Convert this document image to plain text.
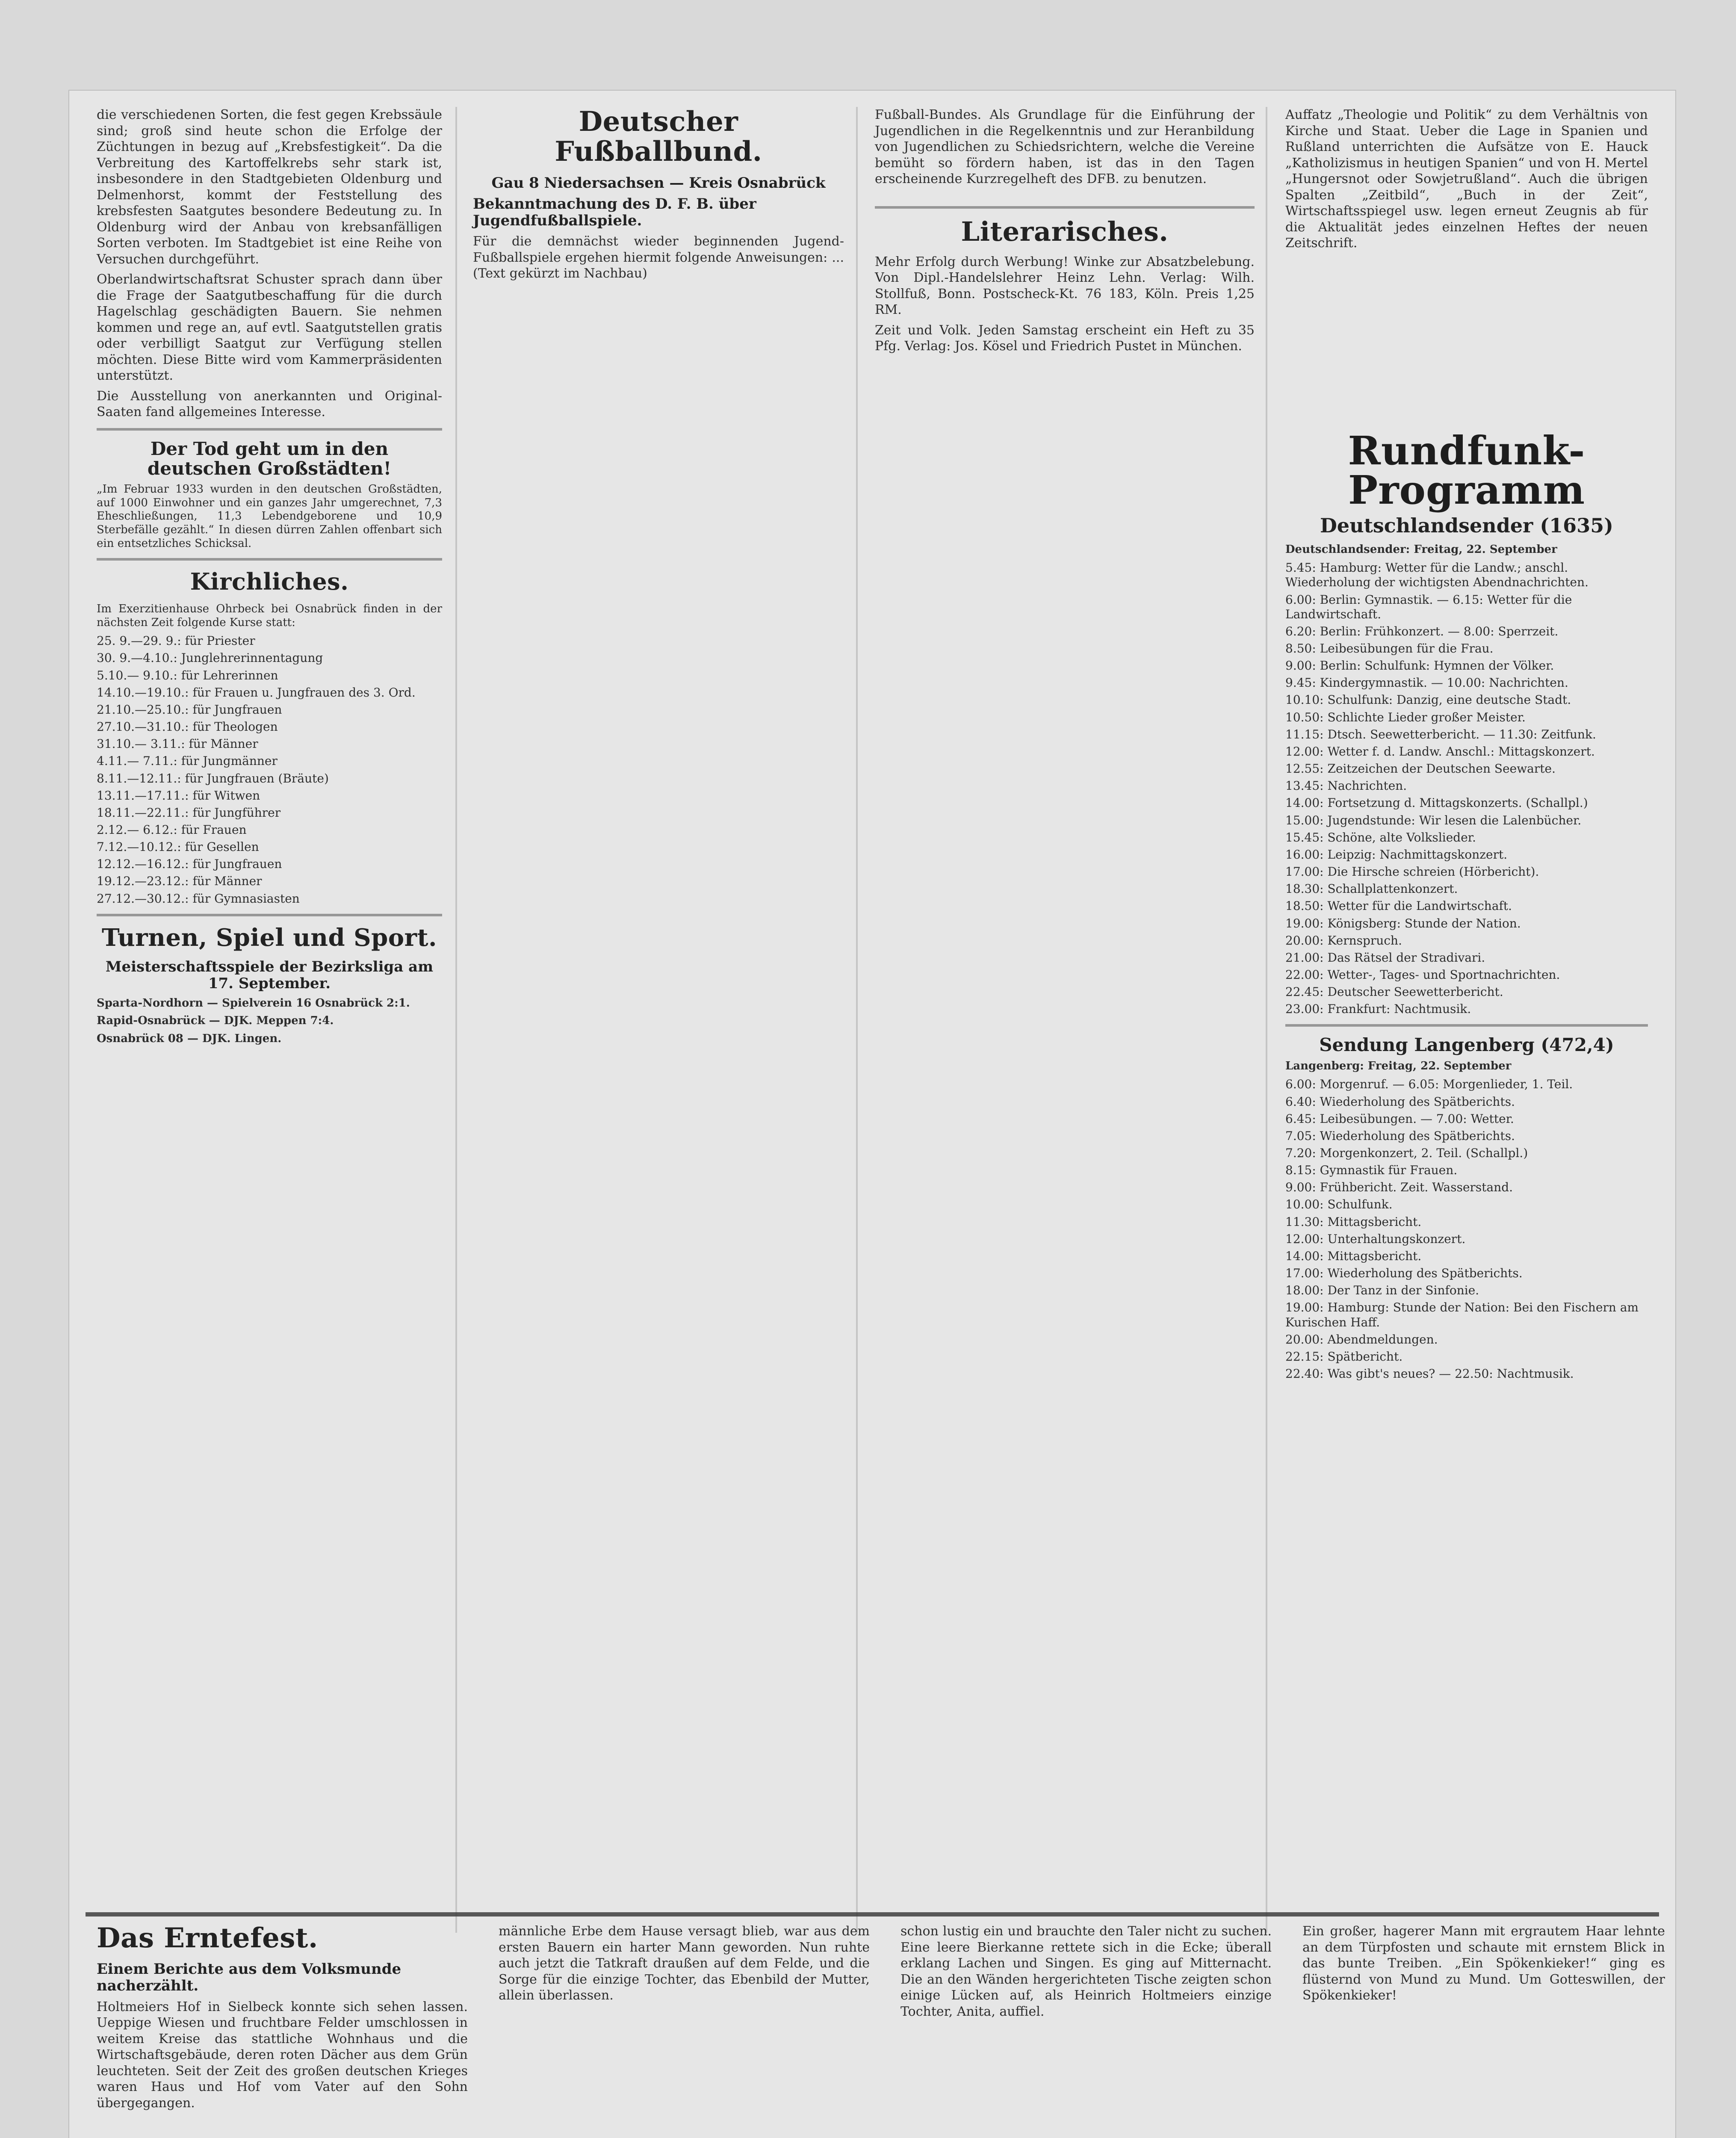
die verschiedenen Sorten, die fest gegen Krebssäule sind; groß sind heute schon die Erfolge der Züchtungen in bezug auf „Krebsfestigkeit“. Da die Verbreitung des Kartoffelkrebs sehr stark ist, insbesondere in den Stadtgebieten Oldenburg und Delmenhorst, kommt der Feststellung des krebsfesten Saatgutes besondere Bedeutung zu. In Oldenburg wird der Anbau von krebsanfälligen Sorten verboten. Im Stadtgebiet ist eine Reihe von Versuchen durchgeführt.
Oberlandwirtschaftsrat Schuster sprach dann über die Frage der Saatgutbeschaffung für die durch Hagelschlag geschädigten Bauern. Sie nehmen kommen und rege an, auf evtl. Saatgutstellen gratis oder verbilligt Saatgut zur Verfügung stellen möchten. Diese Bitte wird vom Kammerpräsidenten unterstützt.
Die Ausstellung von anerkannten und Original-Saaten fand allgemeines Interesse.
Der Tod geht um in den deutschen Großstädten!
„Im Februar 1933 wurden in den deutschen Großstädten, auf 1000 Einwohner und ein ganzes Jahr umgerechnet, 7,3 Eheschließungen, 11,3 Lebendgeborene und 10,9 Sterbefälle gezählt.“ In diesen dürren Zahlen offenbart sich ein entsetzliches Schicksal.
Kirchliches.
Im Exerzitienhause Ohrbeck bei Osnabrück finden in der nächsten Zeit folgende Kurse statt:
25. 9.—29. 9.: für Priester
30. 9.—4.10.: Junglehrerinnentagung
5.10.— 9.10.: für Lehrerinnen
14.10.—19.10.: für Frauen u. Jungfrauen des 3. Ord.
21.10.—25.10.: für Jungfrauen
27.10.—31.10.: für Theologen
31.10.— 3.11.: für Männer
4.11.— 7.11.: für Jungmänner
8.11.—12.11.: für Jungfrauen (Bräute)
13.11.—17.11.: für Witwen
18.11.—22.11.: für Jungführer
2.12.— 6.12.: für Frauen
7.12.—10.12.: für Gesellen
12.12.—16.12.: für Jungfrauen
19.12.—23.12.: für Männer
27.12.—30.12.: für Gymnasiasten
Turnen, Spiel und Sport.
Meisterschaftsspiele der Bezirksliga am 17. September.
Sparta-Nordhorn — Spielverein 16 Osnabrück 2:1.
Rapid-Osnabrück — DJK. Meppen 7:4.
Osnabrück 08 — DJK. Lingen.
Deutscher Fußballbund.
Gau 8 Niedersachsen — Kreis Osnabrück
Bekanntmachung des D. F. B. über Jugendfußballspiele.
Für die demnächst wieder beginnenden Jugend-Fußballspiele ergehen hiermit folgende Anweisungen: ... (Text gekürzt im Nachbau)
Fußball-Bundes. Als Grundlage für die Einführung der Jugendlichen in die Regelkenntnis und zur Heranbildung von Jugendlichen zu Schiedsrichtern, welche die Vereine bemüht so fördern haben, ist das in den Tagen erscheinende Kurzregelheft des DFB. zu benutzen.
Literarisches.
Mehr Erfolg durch Werbung! Winke zur Absatzbelebung. Von Dipl.-Handelslehrer Heinz Lehn. Verlag: Wilh. Stollfuß, Bonn. Postscheck-Kt. 76 183, Köln. Preis 1,25 RM.
Zeit und Volk. Jeden Samstag erscheint ein Heft zu 35 Pfg. Verlag: Jos. Kösel und Friedrich Pustet in München.
Auffatz „Theologie und Politik“ zu dem Verhältnis von Kirche und Staat. Ueber die Lage in Spanien und Rußland unterrichten die Aufsätze von E. Hauck „Katholizismus in heutigen Spanien“ und von H. Mertel „Hungersnot oder Sowjetrußland“. Auch die übrigen Spalten „Zeitbild“, „Buch in der Zeit“, Wirtschaftsspiegel usw. legen erneut Zeugnis ab für die Aktualität jedes einzelnen Heftes der neuen Zeitschrift.
Rundfunk-Programm
Deutschlandsender (1635)
Deutschlandsender: Freitag, 22. September
5.45: Hamburg: Wetter für die Landw.; anschl. Wiederholung der wichtigsten Abendnachrichten.
6.00: Berlin: Gymnastik. — 6.15: Wetter für die Landwirtschaft.
6.20: Berlin: Frühkonzert. — 8.00: Sperrzeit.
8.50: Leibesübungen für die Frau.
9.00: Berlin: Schulfunk: Hymnen der Völker.
9.45: Kindergymnastik. — 10.00: Nachrichten.
10.10: Schulfunk: Danzig, eine deutsche Stadt.
10.50: Schlichte Lieder großer Meister.
11.15: Dtsch. Seewetterbericht. — 11.30: Zeitfunk.
12.00: Wetter f. d. Landw. Anschl.: Mittagskonzert.
12.55: Zeitzeichen der Deutschen Seewarte.
13.45: Nachrichten.
14.00: Fortsetzung d. Mittagskonzerts. (Schallpl.)
15.00: Jugendstunde: Wir lesen die Lalenbücher.
15.45: Schöne, alte Volkslieder.
16.00: Leipzig: Nachmittagskonzert.
17.00: Die Hirsche schreien (Hörbericht).
18.30: Schallplattenkonzert.
18.50: Wetter für die Landwirtschaft.
19.00: Königsberg: Stunde der Nation.
20.00: Kernspruch.
21.00: Das Rätsel der Stradivari.
22.00: Wetter-, Tages- und Sportnachrichten.
22.45: Deutscher Seewetterbericht.
23.00: Frankfurt: Nachtmusik.
Sendung Langenberg (472,4)
Langenberg: Freitag, 22. September
6.00: Morgenruf. — 6.05: Morgenlieder, 1. Teil.
6.40: Wiederholung des Spätberichts.
6.45: Leibesübungen. — 7.00: Wetter.
7.05: Wiederholung des Spätberichts.
7.20: Morgenkonzert, 2. Teil. (Schallpl.)
8.15: Gymnastik für Frauen.
9.00: Frühbericht. Zeit. Wasserstand.
10.00: Schulfunk.
11.30: Mittagsbericht.
12.00: Unterhaltungskonzert.
14.00: Mittagsbericht.
17.00: Wiederholung des Spätberichts.
18.00: Der Tanz in der Sinfonie.
19.00: Hamburg: Stunde der Nation: Bei den Fischern am Kurischen Haff.
20.00: Abendmeldungen.
22.15: Spätbericht.
22.40: Was gibt's neues? — 22.50: Nachtmusik.
Das Erntefest.
Einem Berichte aus dem Volksmunde nacherzählt.
Holtmeiers Hof in Sielbeck konnte sich sehen lassen. Ueppige Wiesen und fruchtbare Felder umschlossen in weitem Kreise das stattliche Wohnhaus und die Wirtschaftsgebäude, deren roten Dächer aus dem Grün leuchteten. Seit der Zeit des großen deutschen Krieges waren Haus und Hof vom Vater auf den Sohn übergegangen.
männliche Erbe dem Hause versagt blieb, war aus dem ersten Bauern ein harter Mann geworden. Nun ruhte auch jetzt die Tatkraft draußen auf dem Felde, und die Sorge für die einzige Tochter, das Ebenbild der Mutter, allein überlassen.
schon lustig ein und brauchte den Taler nicht zu suchen. Eine leere Bierkanne rettete sich in die Ecke; überall erklang Lachen und Singen. Es ging auf Mitternacht. Die an den Wänden hergerichteten Tische zeigten schon einige Lücken auf, als Heinrich Holtmeiers einzige Tochter, Anita, auffiel.
Ein großer, hagerer Mann mit ergrautem Haar lehnte an dem Türpfosten und schaute mit ernstem Blick in das bunte Treiben. „Ein Spökenkieker!“ ging es flüsternd von Mund zu Mund. Um Gotteswillen, der Spökenkieker!
